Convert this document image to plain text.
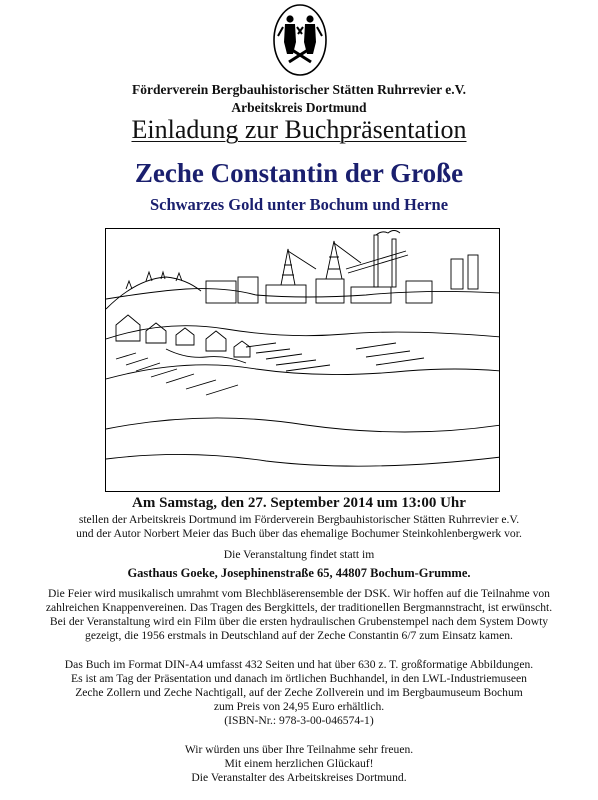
Förderverein Bergbauhistorischer Stätten Ruhrrevier e.V.
Arbeitskreis Dortmund
Einladung zur Buchpräsentation
Zeche Constantin der Große
Schwarzes Gold unter Bochum und Herne
Am Samstag, den 27. September 2014 um 13:00 Uhr
stellen der Arbeitskreis Dortmund im Förderverein Bergbauhistorischer Stätten Ruhrrevier e.V.
und der Autor Norbert Meier das Buch über das ehemalige Bochumer Steinkohlenbergwerk vor.
Die Veranstaltung findet statt im
Gasthaus Goeke, Josephinenstraße 65, 44807 Bochum-Grumme.
Die Feier wird musikalisch umrahmt vom Blechbläserensemble der DSK. Wir hoffen auf die Teilnahme von
zahlreichen Knappenvereinen. Das Tragen des Bergkittels, der traditionellen Bergmannstracht, ist erwünscht.
Bei der Veranstaltung wird ein Film über die ersten hydraulischen Grubenstempel nach dem System Dowty
gezeigt, die 1956 erstmals in Deutschland auf der Zeche Constantin 6/7 zum Einsatz kamen.
Das Buch im Format DIN-A4 umfasst 432 Seiten und hat über 630 z. T. großformatige Abbildungen.
Es ist am Tag der Präsentation und danach im örtlichen Buchhandel, in den LWL-Industriemuseen
Zeche Zollern und Zeche Nachtigall, auf der Zeche Zollverein und im Bergbaumuseum Bochum
zum Preis von 24,95 Euro erhältlich.
(ISBN-Nr.: 978-3-00-046574-1)
Wir würden uns über Ihre Teilnahme sehr freuen.
Mit einem herzlichen Glückauf!
Die Veranstalter des Arbeitskreises Dortmund.
